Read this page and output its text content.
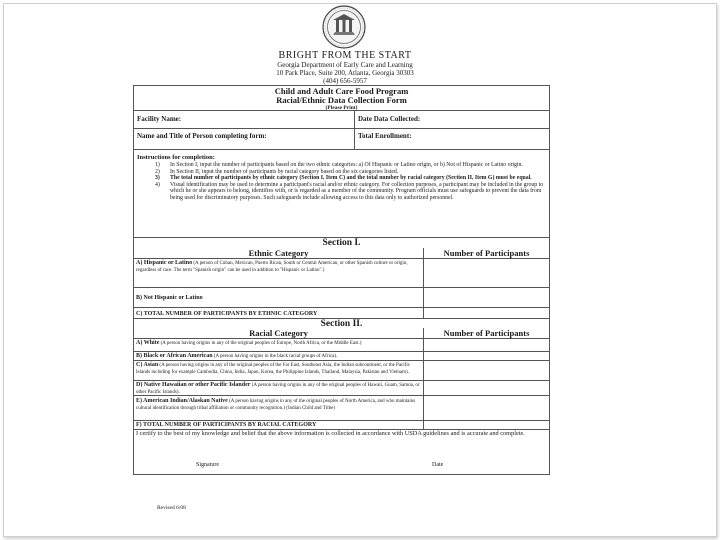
BRIGHT FROM THE START
Georgia Department of Early Care and Learning
10 Park Place, Suite 200, Atlanta, Georgia 30303
(404) 656-5957
Child and Adult Care Food Program
Racial/Ethnic Data Collection Form
(Please Print)
Facility Name:	Date Data Collected:
Name and Title of Person completing form:	Total Enrollment:
Instructions for completion:
1) In Section I, input the number of participants based on the two ethnic categories: a) Of Hispanic or Latino origin, or b) Not of Hispanic or Latino origin.
2) In Section II, input the number of participants by racial category based on the six categories listed.
3) The total number of participants by ethnic category (Section I, Item C) and the total number by racial category (Section II, Item G) must be equal.
4) Visual identification may be used to determine a participant's racial and/or ethnic category. For collection purposes, a participant may be included in the group to which he or she appears to belong, identifies with, or is regarded as a member of the community. Program officials must use safeguards to prevent the data from being used for discriminatory purposes. Such safeguards include allowing access to this data only to authorized personnel.
Section I.
Ethnic Category	Number of Participants
A) Hispanic or Latino (A person of Cuban, Mexican, Puerto Rican, South or Central American, or other Spanish culture or origin, regardless of race. The term "Spanish origin" can be used in addition to "Hispanic or Latino".)
B) Not Hispanic or Latino
C) TOTAL NUMBER OF PARTICIPANTS BY ETHNIC CATEGORY
Section II.
Racial Category	Number of Participants
A) White (A person having origins in any of the original peoples of Europe, North Africa, or the Middle East.)
B) Black or African American (A person having origins in the black racial groups of Africa).
C) Asian (A person having origins in any of the original peoples of the Far East, Southeast Asia, the Indian subcontinent, or the Pacific Islands including for example Cambodia, China, India, Japan, Korea, the Philippine Islands, Thailand, Malaysia, Pakistan and Vietnam).
D) Native Hawaiian or other Pacific Islander (A person having origins in any of the original peoples of Hawaii, Guam, Samoa, or other Pacific Islands).
E) American Indian/Alaskan Native (A person having origins in any of the original peoples of North America, and who maintains cultural identification through tribal affiliation or community recognition.) (Indian Child and Tribe)
F) TOTAL NUMBER OF PARTICIPANTS BY RACIAL CATEGORY
I certify to the best of my knowledge and belief that the above information is collected in accordance with USDA guidelines and is accurate and complete.
Signature	Date
Revised 6/08
